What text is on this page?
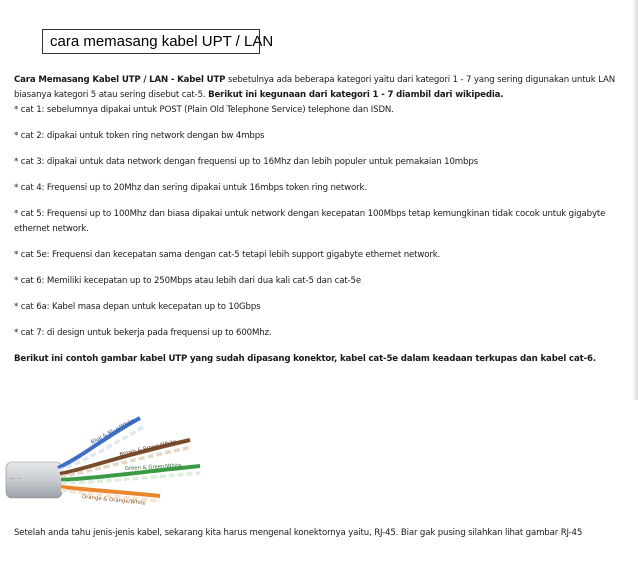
cara memasang kabel UPT / LAN

Cara Memasang Kabel UTP / LAN - Kabel UTP sebetulnya ada beberapa kategori yaitu dari kategori 1 - 7 yang sering digunakan untuk LAN biasanya kategori 5 atau sering disebut cat-5. Berikut ini kegunaan dari kategori 1 - 7 diambil dari wikipedia.

* cat 1: sebelumnya dipakai untuk POST (Plain Old Telephone Service) telephone dan ISDN.

* cat 2: dipakai untuk token ring network dengan bw 4mbps

* cat 3: dipakai untuk data network dengan frequensi up to 16Mhz dan lebih populer untuk pemakaian 10mbps

* cat 4: Frequensi up to 20Mhz dan sering dipakai untuk 16mbps token ring network.

* cat 5: Frequensi up to 100Mhz dan biasa dipakai untuk network dengan kecepatan 100Mbps tetap kemungkinan tidak cocok untuk gigabyte ethernet network.

* cat 5e: Frequensi dan kecepatan sama dengan cat-5 tetapi lebih support gigabyte ethernet network.

* cat 6: Memiliki kecepatan up to 250Mbps atau lebih dari dua kali cat-5 dan cat-5e

* cat 6a: Kabel masa depan untuk kecepatan up to 10Gbps

* cat 7: di design untuk bekerja pada frequensi up to 600Mhz.

Berikut ini contoh gambar kabel UTP yang sudah dipasang konektor, kabel cat-5e dalam keadaan terkupas dan kabel cat-6.

–·· –·
Blue & Blue/White
Brown & Brown/White
Green & Green/White
Orange & Orange/White
Setelah anda tahu jenis-jenis kabel, sekarang kita harus mengenal konektornya yaitu, RJ-45. Biar gak pusing silahkan lihat gambar RJ-45
